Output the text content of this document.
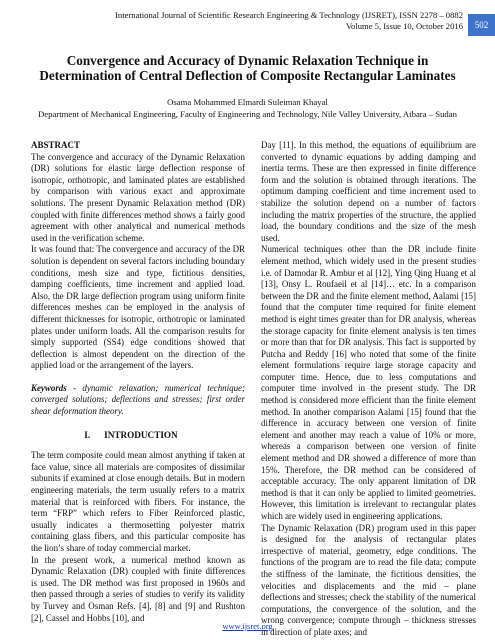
International Journal of Scientific Research Engineering & Technology (IJSRET), ISSN 2278 – 0882
Volume 5, Issue 10, October 2016	502
Convergence and Accuracy of Dynamic Relaxation Technique in Determination of Central Deflection of Composite Rectangular Laminates
Osama Mohammed Elmardi Suleiman Khayal
Department of Mechanical Engineering, Faculty of Engineering and Technology, Nile Valley University, Atbara – Sudan
ABSTRACT

The convergence and accuracy of the Dynamic Relaxation (DR) solutions for elastic large deflection response of isotropic, orthotropic, and laminated plates are established by comparison with various exact and approximate solutions. The present Dynamic Relaxation method (DR) coupled with finite differences method shows a fairly good agreement with other analytical and numerical methods used in the verification scheme.

It was found that: The convergence and accuracy of the DR solution is dependent on several factors including boundary conditions, mesh size and type, fictitious densities, damping coefficients, time increment and applied load. Also, the DR large deflection program using uniform finite differences meshes can be employed in the analysis of different thicknesses for isotropic, orthotropic or laminated plates under uniform loads. All the comparison results for simply supported (SS4) edge conditions showed that deflection is almost dependent on the direction of the applied load or the arrangement of the layers.

Keywords - dynamic relaxation; numerical technique; converged solutions; deflections and stresses; first order shear deformation theory.

I. INTRODUCTION

The term composite could mean almost anything if taken at face value, since all materials are composites of dissimilar subunits if examined at close enough details. But in modern engineering materials, the term usually refers to a matrix material that is reinforced with fibers. For instance, the term “FRP” which refers to Fiber Reinforced plastic, usually indicates a thermosetting polyester matrix containing glass fibers, and this particular composite has the lion’s share of today commercial market.

In the present work, a numerical method known as Dynamic Relaxation (DR) coupled with finite differences is used. The DR method was first proposed in 1960s and then passed through a series of studies to verify its validity by Turvey and Osman Refs. [4], [8] and [9] and Rushton [2], Cassel and Hobbs [10], and

Day [11]. In this method, the equations of equilibrium are converted to dynamic equations by adding damping and inertia terms. These are then expressed in finite difference form and the solution is obtained through iterations. The optimum damping coefficient and time increment used to stabilize the solution depend on a number of factors including the matrix properties of the structure, the applied load, the boundary conditions and the size of the mesh used.

Numerical techniques other than the DR include finite element method, which widely used in the present studies i.e. of Damodar R. Ambur et al [12], Ying Qing Huang et al [13], Onsy L. Roufaeil et al [14]… etc. In a comparison between the DR and the finite element method, Aalami [15] found that the computer time required for finite element method is eight times greater than for DR analysis, whereas the storage capacity for finite element analysis is ten times or more than that for DR analysis. This fact is supported by Putcha and Reddy [16] who noted that some of the finite element formulations require large storage capacity and computer time. Hence, due to less computations and computer time involved in the present study. The DR method is considered more efficient than the finite element method. In another comparison Aalami [15] found that the difference in accuracy between one version of finite element and another may reach a value of 10% or more, whereas a comparison between one version of finite element method and DR showed a difference of more than 15%. Therefore, the DR method can be considered of acceptable accuracy. The only apparent limitation of DR method is that it can only be applied to limited geometries. However, this limitation is irrelevant to rectangular plates which are widely used in engineering applications.

The Dynamic Relaxation (DR) program used in this paper is designed for the analysis of rectangular plates irrespective of material, geometry, edge conditions. The functions of the program are to read the file data; compute the stiffness of the laminate, the fictitious densities, the velocities and displacements and the mid – plane deflections and stresses; check the stability of the numerical computations, the convergence of the solution, and the wrong convergence; compute through – thickness stresses in direction of plate axes; and

www.ijsret.org
